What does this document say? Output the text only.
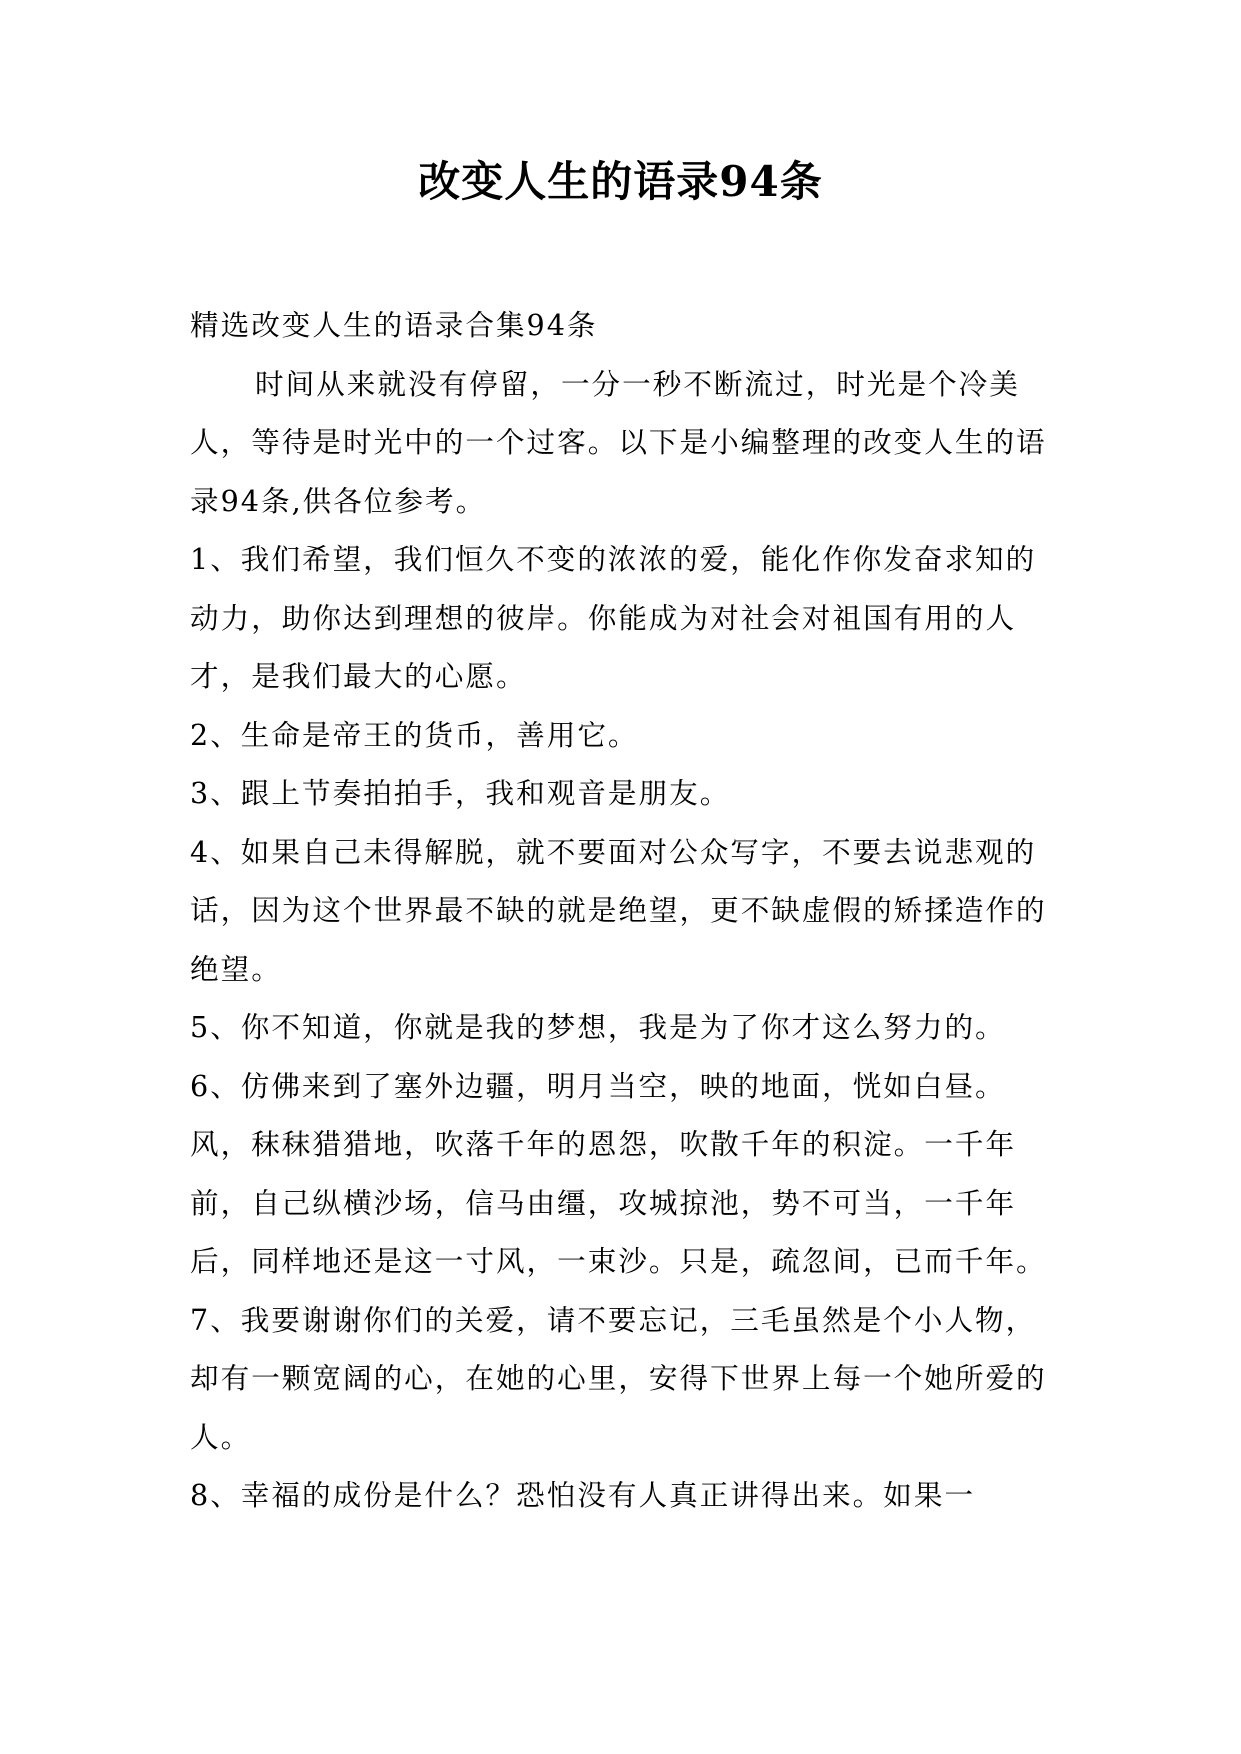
改变人生的语录94条

精选改变人生的语录合集94条

时间从来就没有停留，一分一秒不断流过，时光是个冷美人，等待是时光中的一个过客。以下是小编整理的改变人生的语录94条,供各位参考。

1、我们希望，我们恒久不变的浓浓的爱，能化作你发奋求知的动力，助你达到理想的彼岸。你能成为对社会对祖国有用的人才，是我们最大的心愿。

2、生命是帝王的货币，善用它。

3、跟上节奏拍拍手，我和观音是朋友。

4、如果自己未得解脱，就不要面对公众写字，不要去说悲观的话，因为这个世界最不缺的就是绝望，更不缺虚假的矫揉造作的绝望。

5、你不知道，你就是我的梦想，我是为了你才这么努力的。

6、仿佛来到了塞外边疆，明月当空，映的地面，恍如白昼。风，秣秣猎猎地，吹落千年的恩怨，吹散千年的积淀。一千年前，自己纵横沙场，信马由缰，攻城掠池，势不可当，一千年后，同样地还是这一寸风，一束沙。只是，疏忽间，已而千年。

7、我要谢谢你们的关爱，请不要忘记，三毛虽然是个小人物，却有一颗宽阔的心，在她的心里，安得下世界上每一个她所爱的人。

8、幸福的成份是什么？恐怕没有人真正讲得出来。如果一
